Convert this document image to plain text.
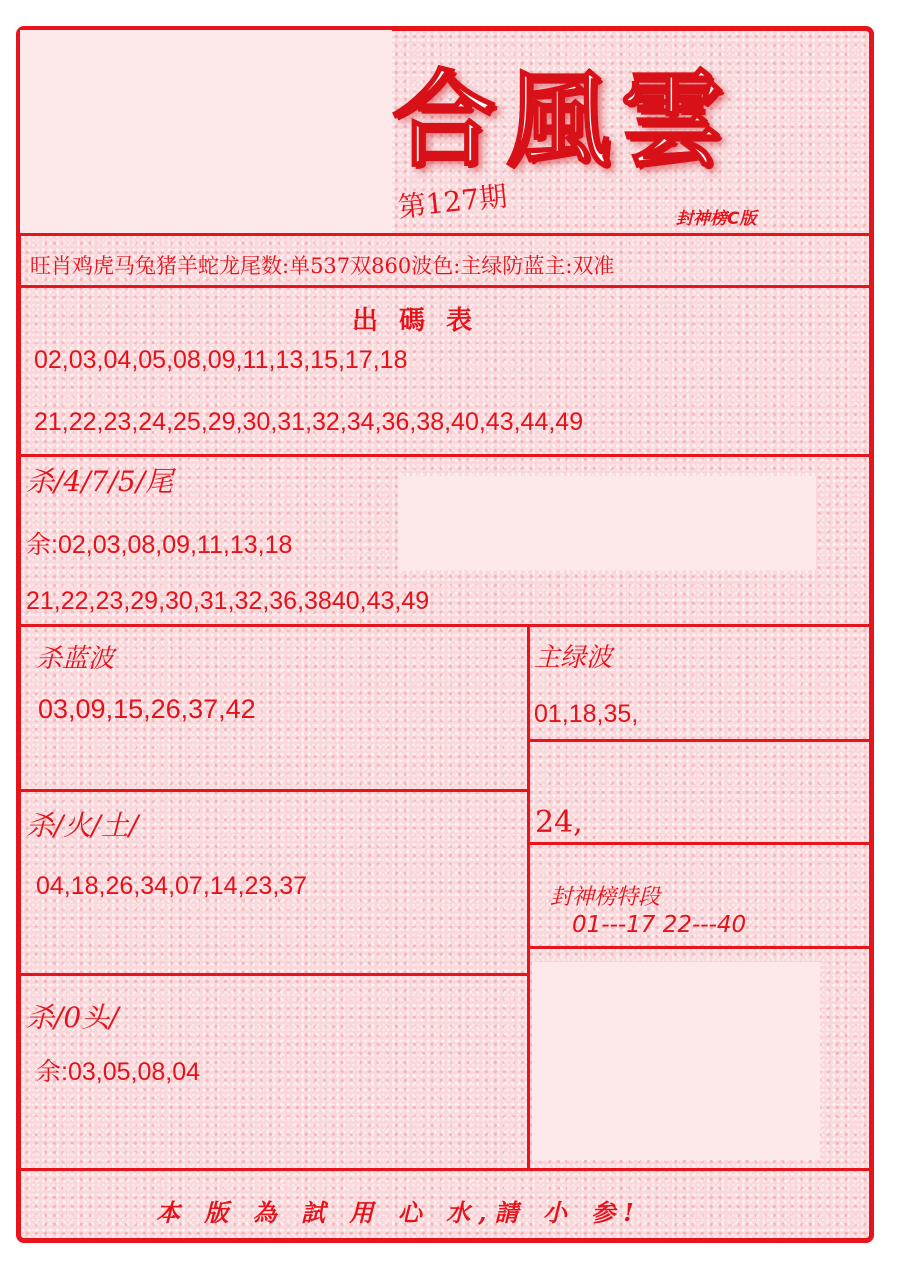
合風雲
第127期	封神榜C版
旺肖鸡虎马兔猪羊蛇龙尾数:单537双860波色:主绿防蓝主:双准
出 碼 表
02,03,04,05,08,09,11,13,15,17,18
21,22,23,24,25,29,30,31,32,34,36,38,40,43,44,49
杀/4/7/5/尾
余:02,03,08,09,11,13,18
21,22,23,29,30,31,32,36,3840,43,49
杀蓝波
03,09,15,26,37,42
杀/火/土/
04,18,26,34,07,14,23,37
杀/0头/
余:03,05,08,04
主绿波
01,18,35,
24,
封神榜特段
01---17 22---40
本 版 為 試 用 心 水,請 小 参!
